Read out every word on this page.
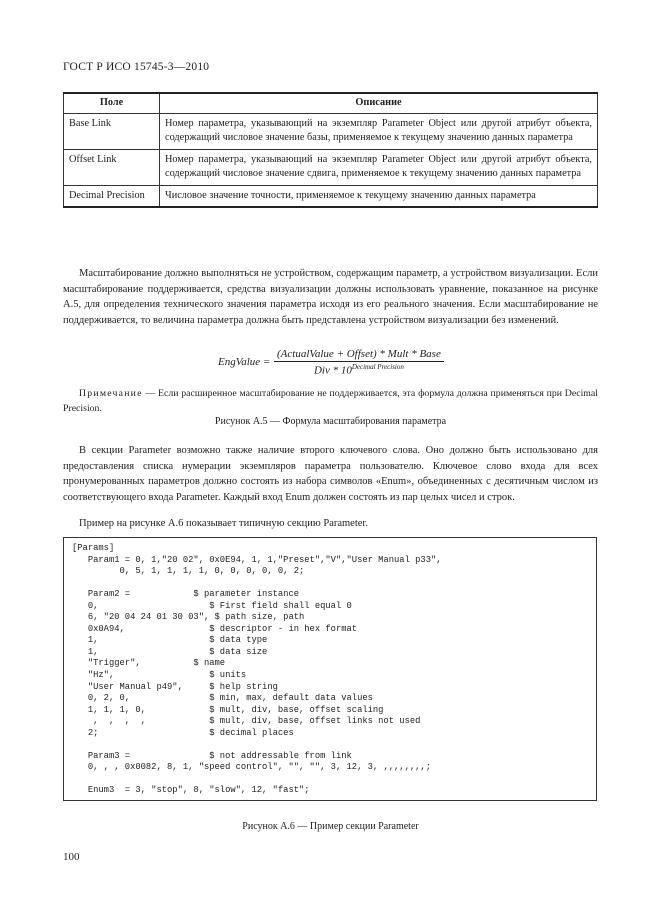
ГОСТ Р ИСО 15745-3—2010
Поле	Описание
Base Link	Номер параметра, указывающий на экземпляр Parameter Object или другой атрибут объекта, содержащий числовое значение базы, применяемое к текущему значению данных параметра
Offset Link	Номер параметра, указывающий на экземпляр Parameter Object или другой атрибут объекта, содержащий числовое значение сдвига, применяемое к текущему значению данных параметра
Decimal Precision	Числовое значение точности, применяемое к текущему значению данных параметра
Масштабирование должно выполняться не устройством, содержащим параметр, а устройством визуализации. Если масштабирование поддерживается, средства визуализации должны использовать уравнение, показанное на рисунке А.5, для определения технического значения параметра исходя из его реального значения. Если масштабирование не поддерживается, то величина параметра должна быть представлена устройством визуализации без изменений.
EngValue =
(ActualValue + Offset) * Mult * Base
Div * $10^{Decimal Precision}$
Примечание — Если расширенное масштабирование не поддерживается, эта формула должна применяться при Decimal Precision.
Рисунок А.5 — Формула масштабирования параметра
В секции Parameter возможно также наличие второго ключевого слова. Оно должно быть использовано для предоставления списка нумерации экземпляров параметра пользователю. Ключевое слово входа для всех пронумерованных параметров должно состоять из набора символов «Enum», объединенных с десятичным числом из соответствующего входа Parameter. Каждый вход Enum должен состоять из пар целых чисел и строк.
Пример на рисунке А.6 показывает типичную секцию Parameter.
[Params]
Param1 = 0, 1,"20 02", 0x0E94, 1, 1,"Preset","V","User Manual p33",
0, 5, 1, 1, 1, 1, 0, 0, 0, 0, 0, 2;

Param2 =            $ parameter instance
0,                     $ First field shall equal 0
6, "20 04 24 01 30 03", $ path size, path
0x0A94,                $ descriptor - in hex format
1,                     $ data type
1,                     $ data size
"Trigger",          $ name
"Hz",                  $ units
"User Manual p49",     $ help string
0, 2, 0,               $ min, max, default data values
1, 1, 1, 0,            $ mult, div, base, offset scaling
,  ,  ,  ,            $ mult, div, base, offset links not used
2;                     $ decimal places

Param3 =               $ not addressable from link
0, , , 0x0082, 8, 1, "speed control", "", "", 3, 12, 3, ,,,,,,,,;

Enum3  = 3, "stop", 8, "slow", 12, "fast";

Рисунок А.6 — Пример секции Parameter
100
